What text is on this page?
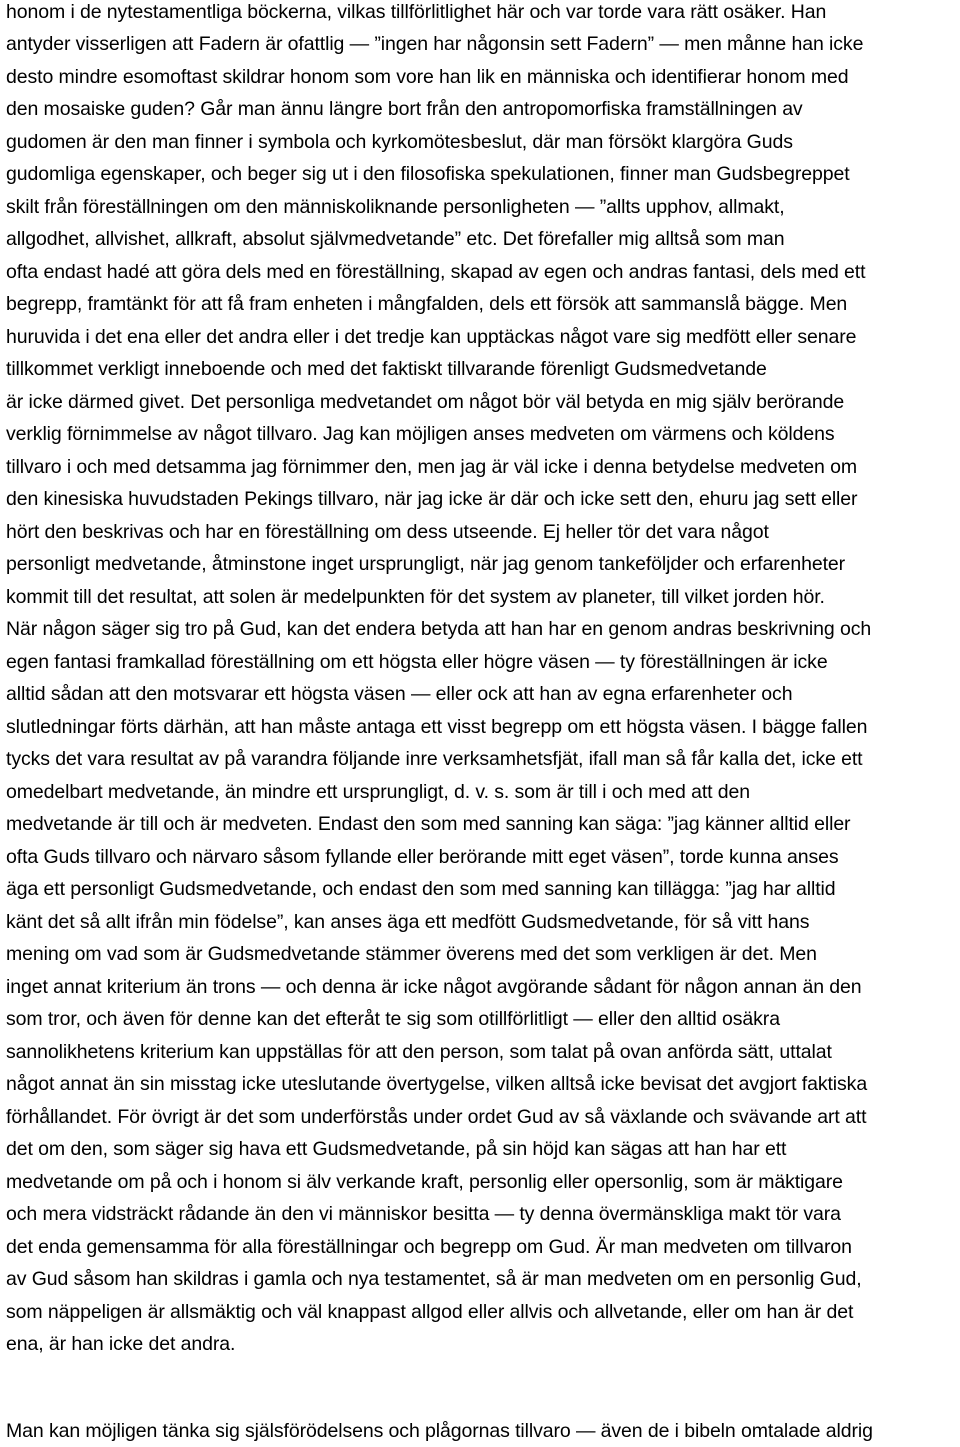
honom i de nytestamentliga böckerna, vilkas tillförlitlighet här och var torde vara rätt osäker. Han
antyder visserligen att Fadern är ofattlig — ”ingen har någonsin sett Fadern” — men månne han icke
desto mindre esomoftast skildrar honom som vore han lik en människa och identifierar honom med
den mosaiske guden? Går man ännu längre bort från den antropomorfiska framställningen av
gudomen är den man finner i symbola och kyrkomötesbeslut, där man försökt klargöra Guds
gudomliga egenskaper, och beger sig ut i den filosofiska spekulationen, finner man Gudsbegreppet
skilt från föreställningen om den människoliknande personligheten — ”allts upphov, allmakt,
allgodhet, allvishet, allkraft, absolut självmedvetande” etc. Det förefaller mig alltså som man
ofta endast hadé att göra dels med en föreställning, skapad av egen och andras fantasi, dels med ett
begrepp, framtänkt för att få fram enheten i mångfalden, dels ett försök att sammanslå bägge. Men
huruvida i det ena eller det andra eller i det tredje kan upptäckas något vare sig medfött eller senare
tillkommet verkligt inneboende och med det faktiskt tillvarande förenligt Gudsmedvetande
är icke därmed givet. Det personliga medvetandet om något bör väl betyda en mig själv berörande
verklig förnimmelse av något tillvaro. Jag kan möjligen anses medveten om värmens och köldens
tillvaro i och med detsamma jag förnimmer den, men jag är väl icke i denna betydelse medveten om
den kinesiska huvudstaden Pekings tillvaro, när jag icke är där och icke sett den, ehuru jag sett eller
hört den beskrivas och har en föreställning om dess utseende. Ej heller tör det vara något
personligt medvetande, åtminstone inget ursprungligt, när jag genom tankeföljder och erfarenheter
kommit till det resultat, att solen är medelpunkten för det system av planeter, till vilket jorden hör.
När någon säger sig tro på Gud, kan det endera betyda att han har en genom andras beskrivning och
egen fantasi framkallad föreställning om ett högsta eller högre väsen — ty föreställningen är icke
alltid sådan att den motsvarar ett högsta väsen — eller ock att han av egna erfarenheter och
slutledningar förts därhän, att han måste antaga ett visst begrepp om ett högsta väsen. I bägge fallen
tycks det vara resultat av på varandra följande inre verksamhetsfjät, ifall man så får kalla det, icke ett
omedelbart medvetande, än mindre ett ursprungligt, d. v. s. som är till i och med att den
medvetande är till och är medveten. Endast den som med sanning kan säga: ”jag känner alltid eller
ofta Guds tillvaro och närvaro såsom fyllande eller berörande mitt eget väsen”, torde kunna anses
äga ett personligt Gudsmedvetande, och endast den som med sanning kan tillägga: ”jag har alltid
känt det så allt ifrån min födelse”, kan anses äga ett medfött Gudsmedvetande, för så vitt hans
mening om vad som är Gudsmedvetande stämmer överens med det som verkligen är det. Men
inget annat kriterium än trons — och denna är icke något avgörande sådant för någon annan än den
som tror, och även för denne kan det efteråt te sig som otillförlitligt — eller den alltid osäkra
sannolikhetens kriterium kan uppställas för att den person, som talat på ovan anförda sätt, uttalat
något annat än sin misstag icke uteslutande övertygelse, vilken alltså icke bevisat det avgjort faktiska
förhållandet. För övrigt är det som underförstås under ordet Gud av så växlande och svävande art att
det om den, som säger sig hava ett Gudsmedvetande, på sin höjd kan sägas att han har ett
medvetande om på och i honom si älv verkande kraft, personlig eller opersonlig, som är mäktigare
och mera vidsträckt rådande än den vi människor besitta — ty denna övermänskliga makt tör vara
det enda gemensamma för alla föreställningar och begrepp om Gud. Är man medveten om tillvaron
av Gud såsom han skildras i gamla och nya testamentet, så är man medveten om en personlig Gud,
som näppeligen är allsmäktig och väl knappast allgod eller allvis och allvetande, eller om han är det
ena, är han icke det andra.
Man kan möjligen tänka sig själsförödelsens och plågornas tillvaro — även de i bibeln omtalade aldrig
